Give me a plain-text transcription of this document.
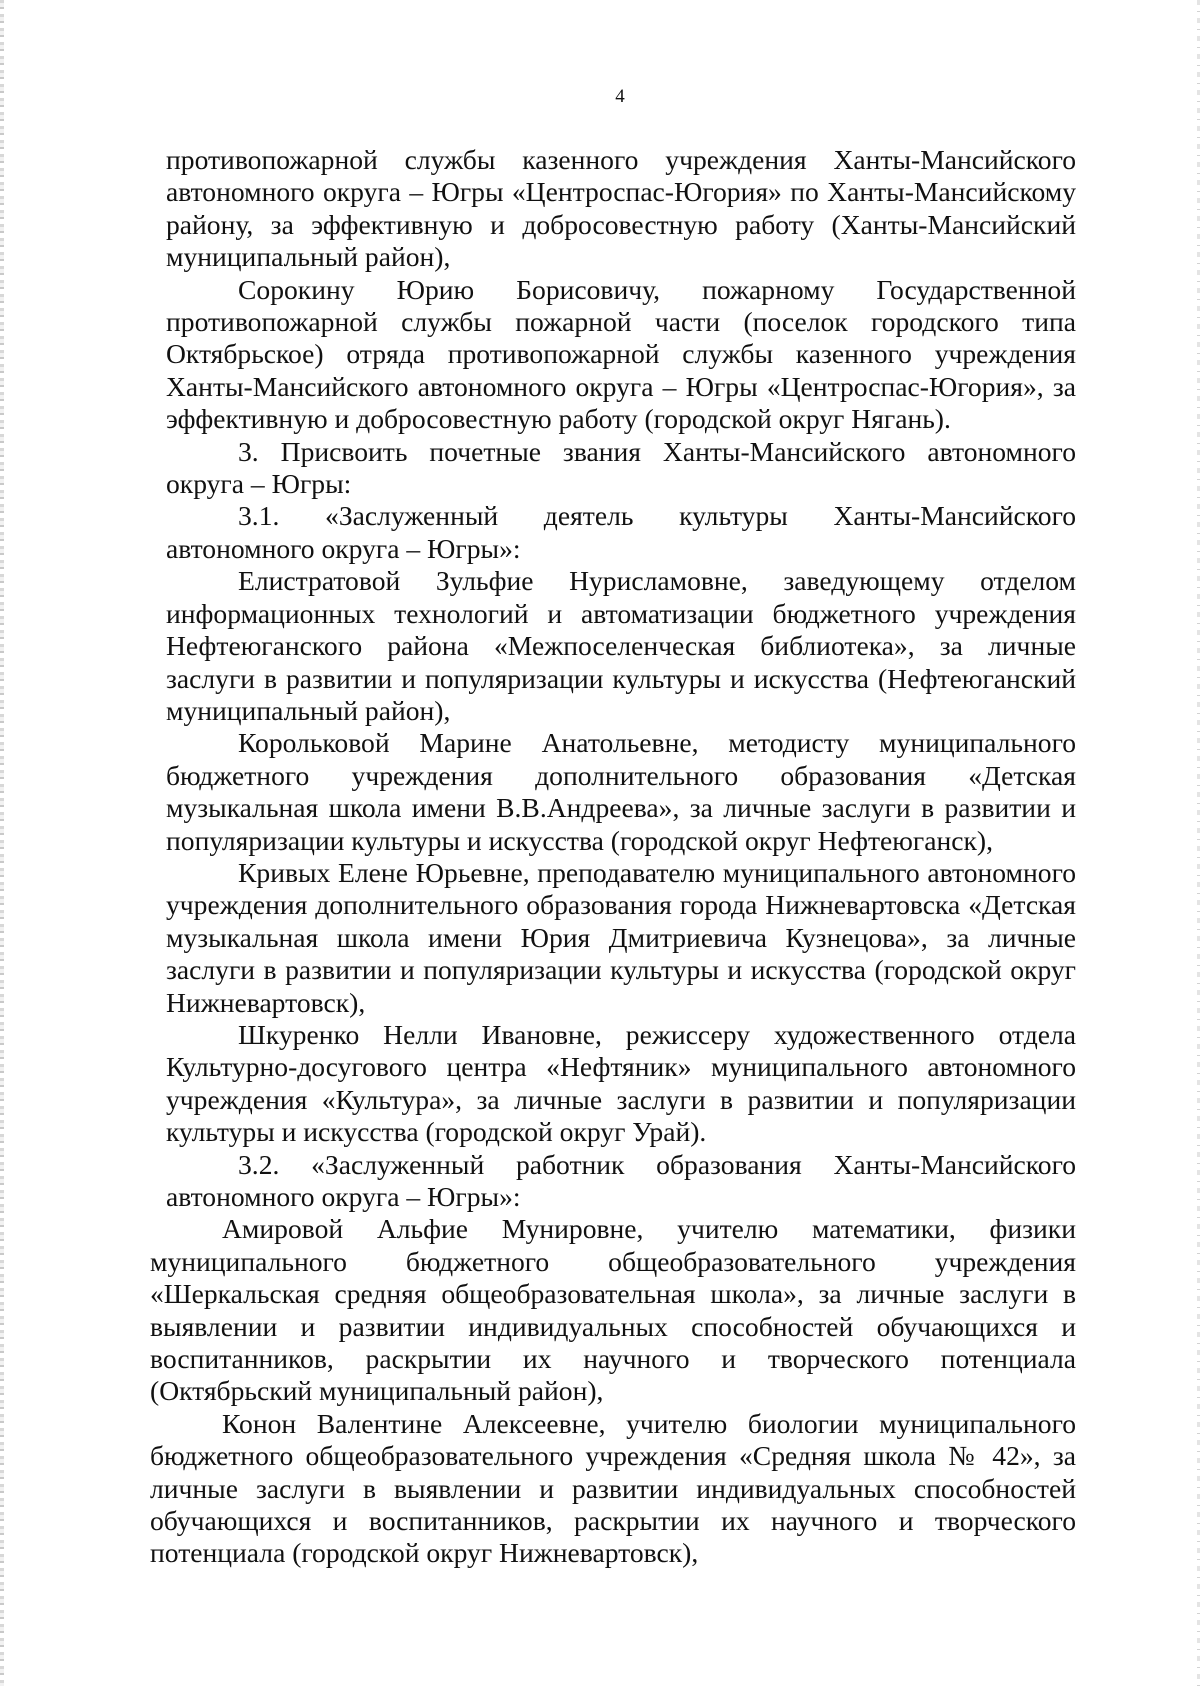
4

противопожарной службы казенного учреждения Ханты-Мансийского автономного округа – Югры «Центроспас-Югория» по Ханты-Мансийскому району, за эффективную и добросовестную работу (Ханты-Мансийский муниципальный район),

Сорокину Юрию Борисовичу, пожарному Государственной противопожарной службы пожарной части (поселок городского типа Октябрьское) отряда противопожарной службы казенного учреждения Ханты-Мансийского автономного округа – Югры «Центроспас-Югория», за эффективную и добросовестную работу (городской округ Нягань).

3. Присвоить почетные звания Ханты-Мансийского автономного округа – Югры:

3.1. «Заслуженный деятель культуры Ханты-Мансийского автономного округа – Югры»:

Елистратовой Зульфие Нурисламовне, заведующему отделом информационных технологий и автоматизации бюджетного учреждения Нефтеюганского района «Межпоселенческая библиотека», за личные заслуги в развитии и популяризации культуры и искусства (Нефтеюганский муниципальный район),

Корольковой Марине Анатольевне, методисту муниципального бюджетного учреждения дополнительного образования «Детская музыкальная школа имени В.В.Андреева», за личные заслуги в развитии и популяризации культуры и искусства (городской округ Нефтеюганск),

Кривых Елене Юрьевне, преподавателю муниципального автономного учреждения дополнительного образования города Нижневартовска «Детская музыкальная школа имени Юрия Дмитриевича Кузнецова», за личные заслуги в развитии и популяризации культуры и искусства (городской округ Нижневартовск),

Шкуренко Нелли Ивановне, режиссеру художественного отдела Культурно-досугового центра «Нефтяник» муниципального автономного учреждения «Культура», за личные заслуги в развитии и популяризации культуры и искусства (городской округ Урай).

3.2. «Заслуженный работник образования Ханты-Мансийского автономного округа – Югры»:

Амировой Альфие Мунировне, учителю математики, физики муниципального бюджетного общеобразовательного учреждения «Шеркальская средняя общеобразовательная школа», за личные заслуги в выявлении и развитии индивидуальных способностей обучающихся и воспитанников, раскрытии их научного и творческого потенциала (Октябрьский муниципальный район),

Конон Валентине Алексеевне, учителю биологии муниципального бюджетного общеобразовательного учреждения «Средняя школа № 42», за личные заслуги в выявлении и развитии индивидуальных способностей обучающихся и воспитанников, раскрытии их научного и творческого потенциала (городской округ Нижневартовск),
